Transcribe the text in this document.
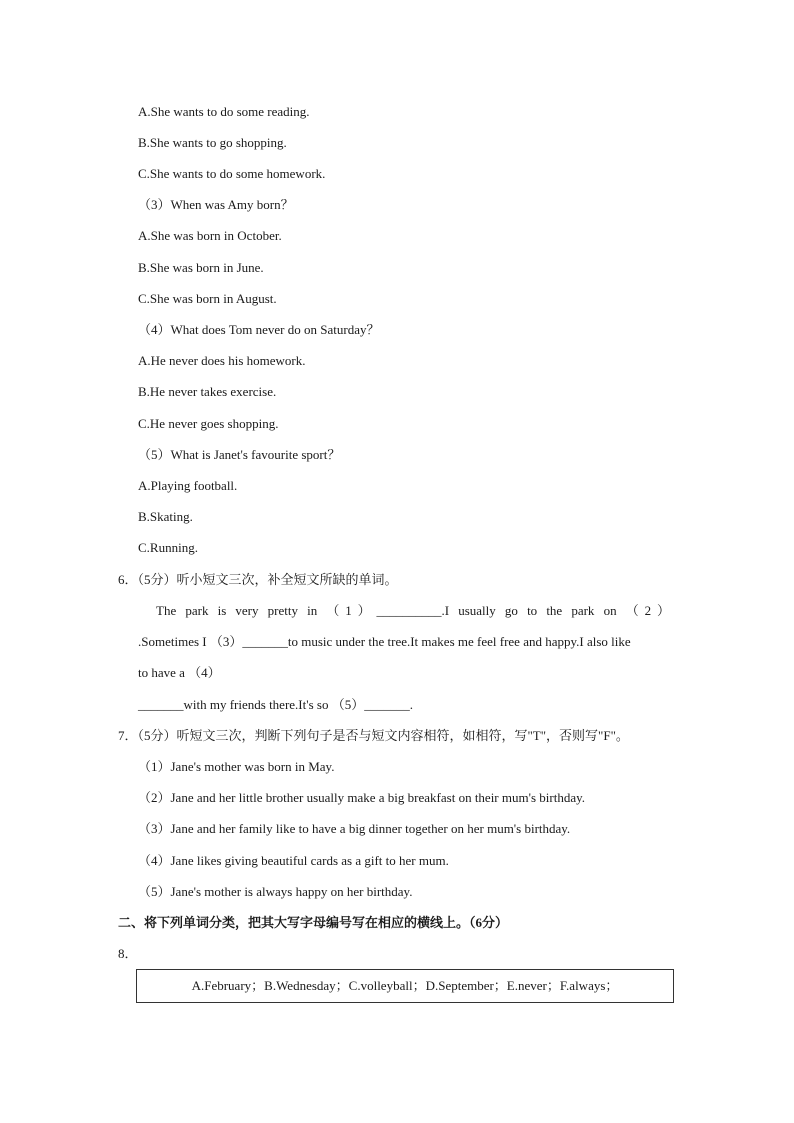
A.She wants to do some reading.
B.She wants to go shopping.
C.She wants to do some homework.
（3）When was Amy born？
A.She was born in October.
B.She was born in June.
C.She was born in August.
（4）What does Tom never do on Saturday？
A.He never does his homework.
B.He never takes exercise.
C.He never goes shopping.
（5）What is Janet's favourite sport？
A.Playing football.
B.Skating.
C.Running.
6．（5分）听小短文三次，补全短文所缺的单词。
The park is very pretty in （1）__________.I usually go to the park on （2）
.Sometimes I （3）_______to music under the tree.It makes me feel free and happy.I also like
to have a （4）
_______with my friends there.It's so （5）_______.
7．（5分）听短文三次，判断下列句子是否与短文内容相符，如相符，写"T"，否则写"F"。
（1）Jane's mother was born in May.
（2）Jane and her little brother usually make a big breakfast on their mum's birthday.
（3）Jane and her family like to have a big dinner together on her mum's birthday.
（4）Jane likes giving beautiful cards as a gift to her mum.
（5）Jane's mother is always happy on her birthday.
二、将下列单词分类，把其大写字母编号写在相应的横线上。（6分）
8．
A.February；B.Wednesday；C.volleyball；D.September；E.never；F.always；
